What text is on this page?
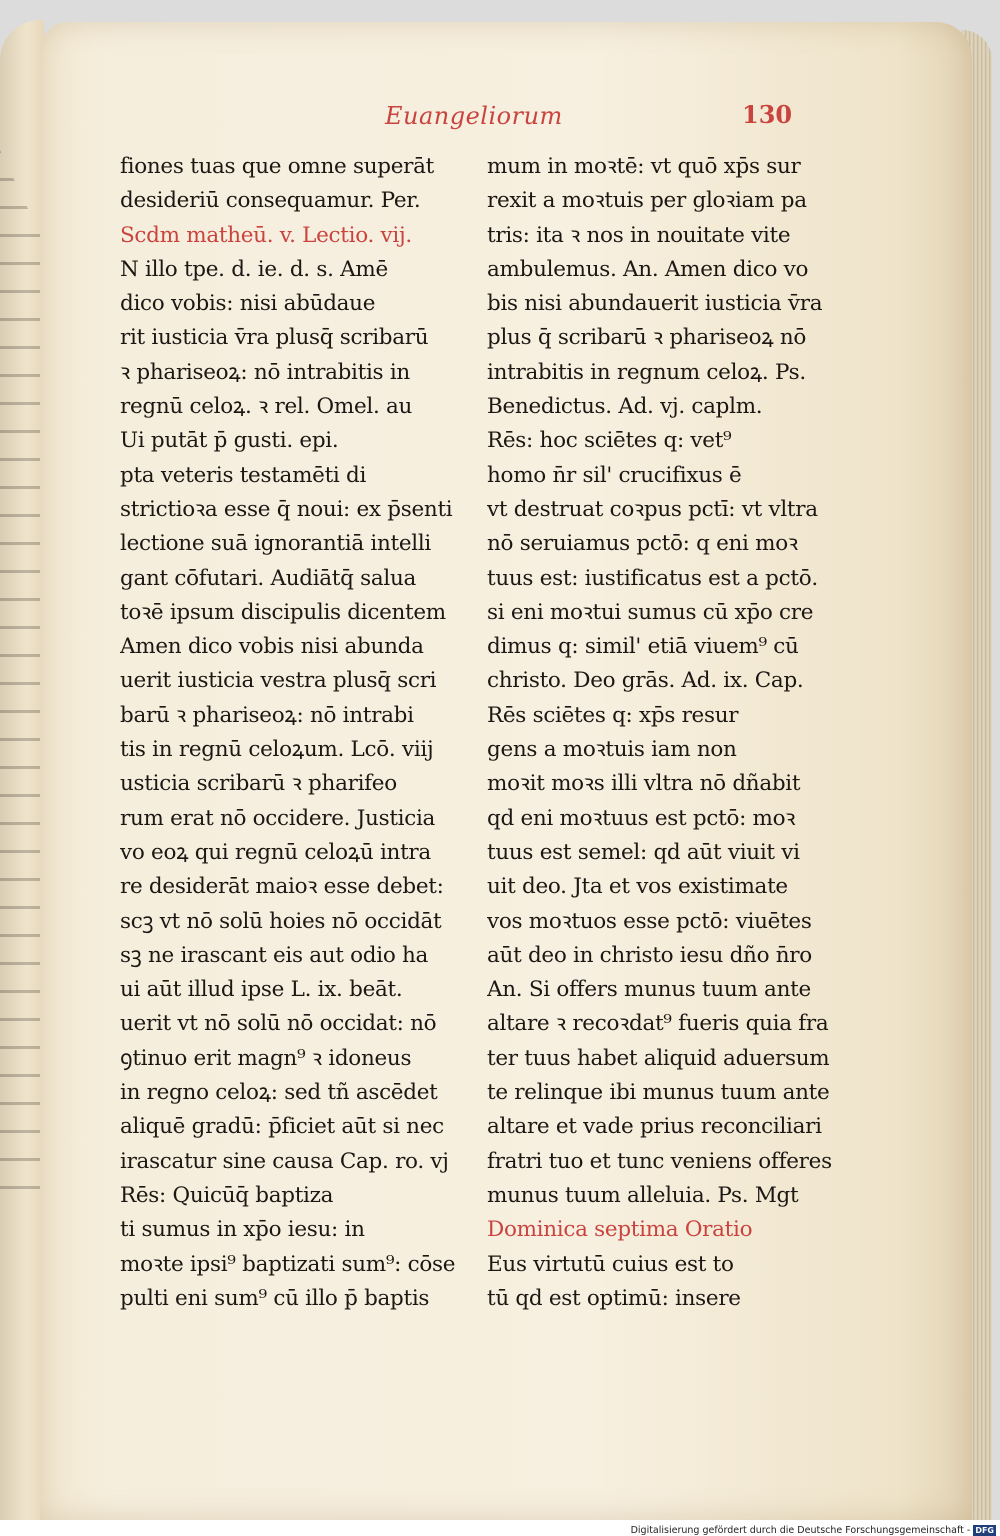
Euangeliorum	130
fiones tuas que omne superāt
desideriū consequamur. Per.
Scdm matheū. v. Lectio. vij.
N illo tpe. d. ie. d. s. Amē
dico vobis: nisi abūdaue
rit iusticia v̄ra plusq̄ scribarū
ꝛ phariseoꝝ: nō intrabitis in
regnū celoꝝ. ꝛ rel. Omel. au
Ui putāt p̄ gusti. epi.
pta veteris testamēti di
strictioꝛa esse q̄ noui: ex p̄senti
lectione suā ignorantiā intelli
gant cōfutari. Audiātq̄ salua
toꝛē ipsum discipulis dicentem
Amen dico vobis nisi abunda
uerit iusticia vestra plusq̄ scri
barū ꝛ phariseoꝝ: nō intrabi
tis in regnū celoꝝum. Lcō. viij
usticia scribarū ꝛ pharifeo
rum erat nō occidere. Justicia
vo eoꝝ qui regnū celoꝝū intra
re desiderāt maioꝛ esse debet:
scꝫ vt nō solū hoies nō occidāt
sꝫ ne irascant eis aut odio ha
ui aūt illud ipse L. ix. beāt.
uerit vt nō solū nō occidat: nō
ꝯtinuo erit magn⁹ ꝛ idoneus
in regno celoꝝ: sed tñ ascēdet
aliquē gradū: p̄ficiet aūt si nec
irascatur sine causa Cap. ro. vj
Rēs: Quicūq̄ baptiza
ti sumus in xp̄o iesu: in
moꝛte ipsi⁹ baptizati sum⁹: cōse
pulti eni sum⁹ cū illo p̄ baptis
mum in moꝛtē: vt quō xp̄s sur
rexit a moꝛtuis per gloꝛiam pa
tris: ita ꝛ nos in nouitate vite
ambulemus. An. Amen dico vo
bis nisi abundauerit iusticia v̄ra
plus q̄ scribarū ꝛ phariseoꝝ nō
intrabitis in regnum celoꝝ. Ps.
Benedictus. Ad. vj. caplm.
Rēs: hoc sciētes q: vet⁹
homo n̄r sil' crucifixus ē
vt destruat coꝛpus pctī: vt vltra
nō seruiamus pctō: q eni moꝛ
tuus est: iustificatus est a pctō.
si eni moꝛtui sumus cū xp̄o cre
dimus q: simil' etiā viuem⁹ cū
christo. Deo grās. Ad. ix. Cap.
Rēs sciētes q: xp̄s resur
gens a moꝛtuis iam non
moꝛit moꝛs illi vltra nō dñabit
qd eni moꝛtuus est pctō: moꝛ
tuus est semel: qd aūt viuit vi
uit deo. Jta et vos existimate
vos moꝛtuos esse pctō: viuētes
aūt deo in christo iesu dño n̄ro
An. Si offers munus tuum ante
altare ꝛ recoꝛdat⁹ fueris quia fra
ter tuus habet aliquid aduersum
te relinque ibi munus tuum ante
altare et vade prius reconciliari
fratri tuo et tunc veniens offeres
munus tuum alleluia. Ps. Mgt
Dominica septima Oratio
Eus virtutū cuius est to
tū qd est optimū: insere
Digitalisierung gefördert durch die Deutsche Forschungsgemeinschaft - DFG
